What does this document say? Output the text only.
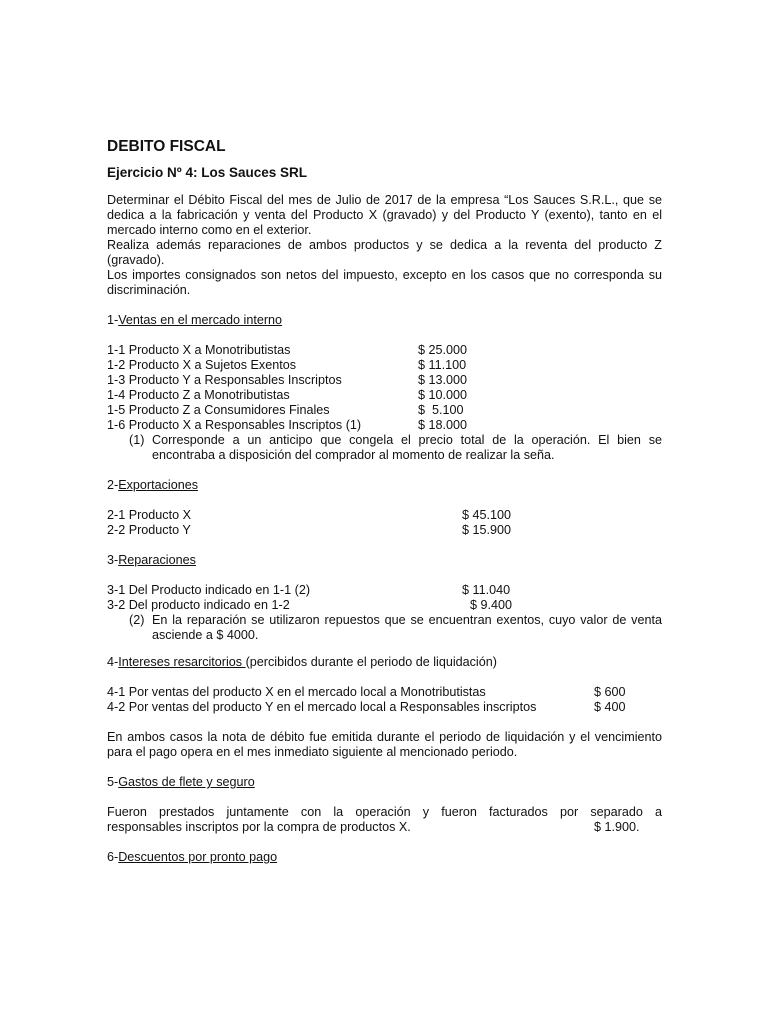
DEBITO FISCAL
Ejercicio Nº 4: Los Sauces SRL

Determinar el Débito Fiscal del mes de Julio de 2017 de la empresa “Los Sauces S.R.L., que se dedica a la fabricación y venta del Producto X (gravado) y del Producto Y (exento), tanto en el mercado interno como en el exterior.

Realiza además reparaciones de ambos productos y se dedica a la reventa del producto Z (gravado).

Los importes consignados son netos del impuesto, excepto en los casos que no corresponda su discriminación.

1-Ventas en el mercado interno
1-1 Producto X a Monotributistas	$ 25.000
1-2 Producto X a Sujetos Exentos	$ 11.100
1-3 Producto Y a Responsables Inscriptos	$ 13.000
1-4 Producto Z a Monotributistas	$ 10.000
1-5 Producto Z a Consumidores Finales	$  5.100
1-6 Producto X a Responsables Inscriptos (1)	$ 18.000
(1) Corresponde a un anticipo que congela el precio total de la operación. El bien se encontraba a disposición del comprador al momento de realizar la seña.
2-Exportaciones
2-1 Producto X	$ 45.100
2-2 Producto Y	$ 15.900
3-Reparaciones
3-1 Del Producto indicado en 1-1 (2)	$ 11.040
3-2 Del producto indicado en 1-2	$ 9.400
(2) En la reparación se utilizaron repuestos que se encuentran exentos, cuyo valor de venta asciende a $ 4000.
4-Intereses resarcitorios (percibidos durante el periodo de liquidación)
4-1 Por ventas del producto X en el mercado local a Monotributistas	$ 600
4-2 Por ventas del producto Y en el mercado local a Responsables inscriptos	$ 400

En ambos casos la nota de débito fue emitida durante el periodo de liquidación y el vencimiento para el pago opera en el mes inmediato siguiente al mencionado periodo.

5-Gastos de flete y seguro

Fueron prestados juntamente con la operación y fueron facturados por separado a

responsables inscriptos por la compra de productos X.	$ 1.900.
6-Descuentos por pronto pago
